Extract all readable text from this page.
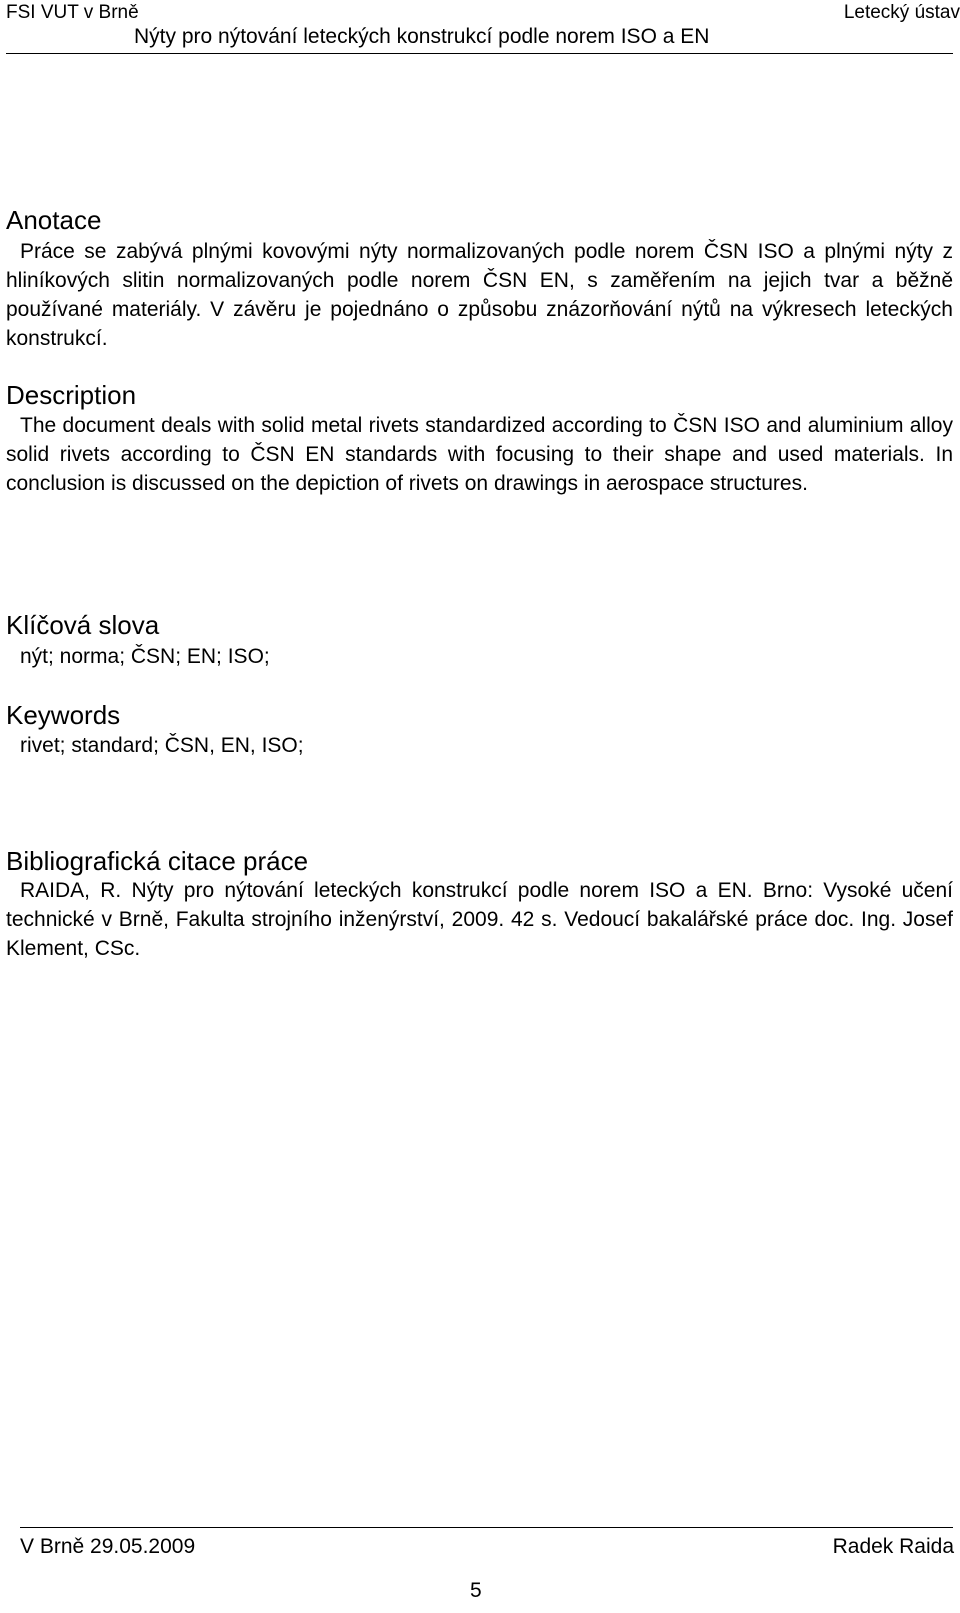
FSI VUT v Brně	Letecký ústav
Nýty pro nýtování leteckých konstrukcí podle norem ISO a EN
Anotace
Práce se zabývá plnými kovovými nýty normalizovaných podle norem ČSN ISO a plnými nýty z hliníkových slitin normalizovaných podle norem ČSN EN, s zaměřením na jejich tvar a běžně používané materiály. V závěru je pojednáno o způsobu znázorňování nýtů na výkresech leteckých konstrukcí.
Description
The document deals with solid metal rivets standardized according to ČSN ISO and aluminium alloy solid rivets according to ČSN EN standards with focusing to their shape and used materials. In conclusion is discussed on the depiction of rivets on drawings in aerospace structures.
Klíčová slova
nýt; norma; ČSN; EN; ISO;
Keywords
rivet; standard; ČSN, EN, ISO;
Bibliografická citace práce
RAIDA, R. Nýty pro nýtování leteckých konstrukcí podle norem ISO a EN. Brno: Vysoké učení technické v Brně, Fakulta strojního inženýrství, 2009. 42 s. Vedoucí bakalářské práce doc. Ing. Josef Klement, CSc.
V Brně 29.05.2009	Radek Raida
5
